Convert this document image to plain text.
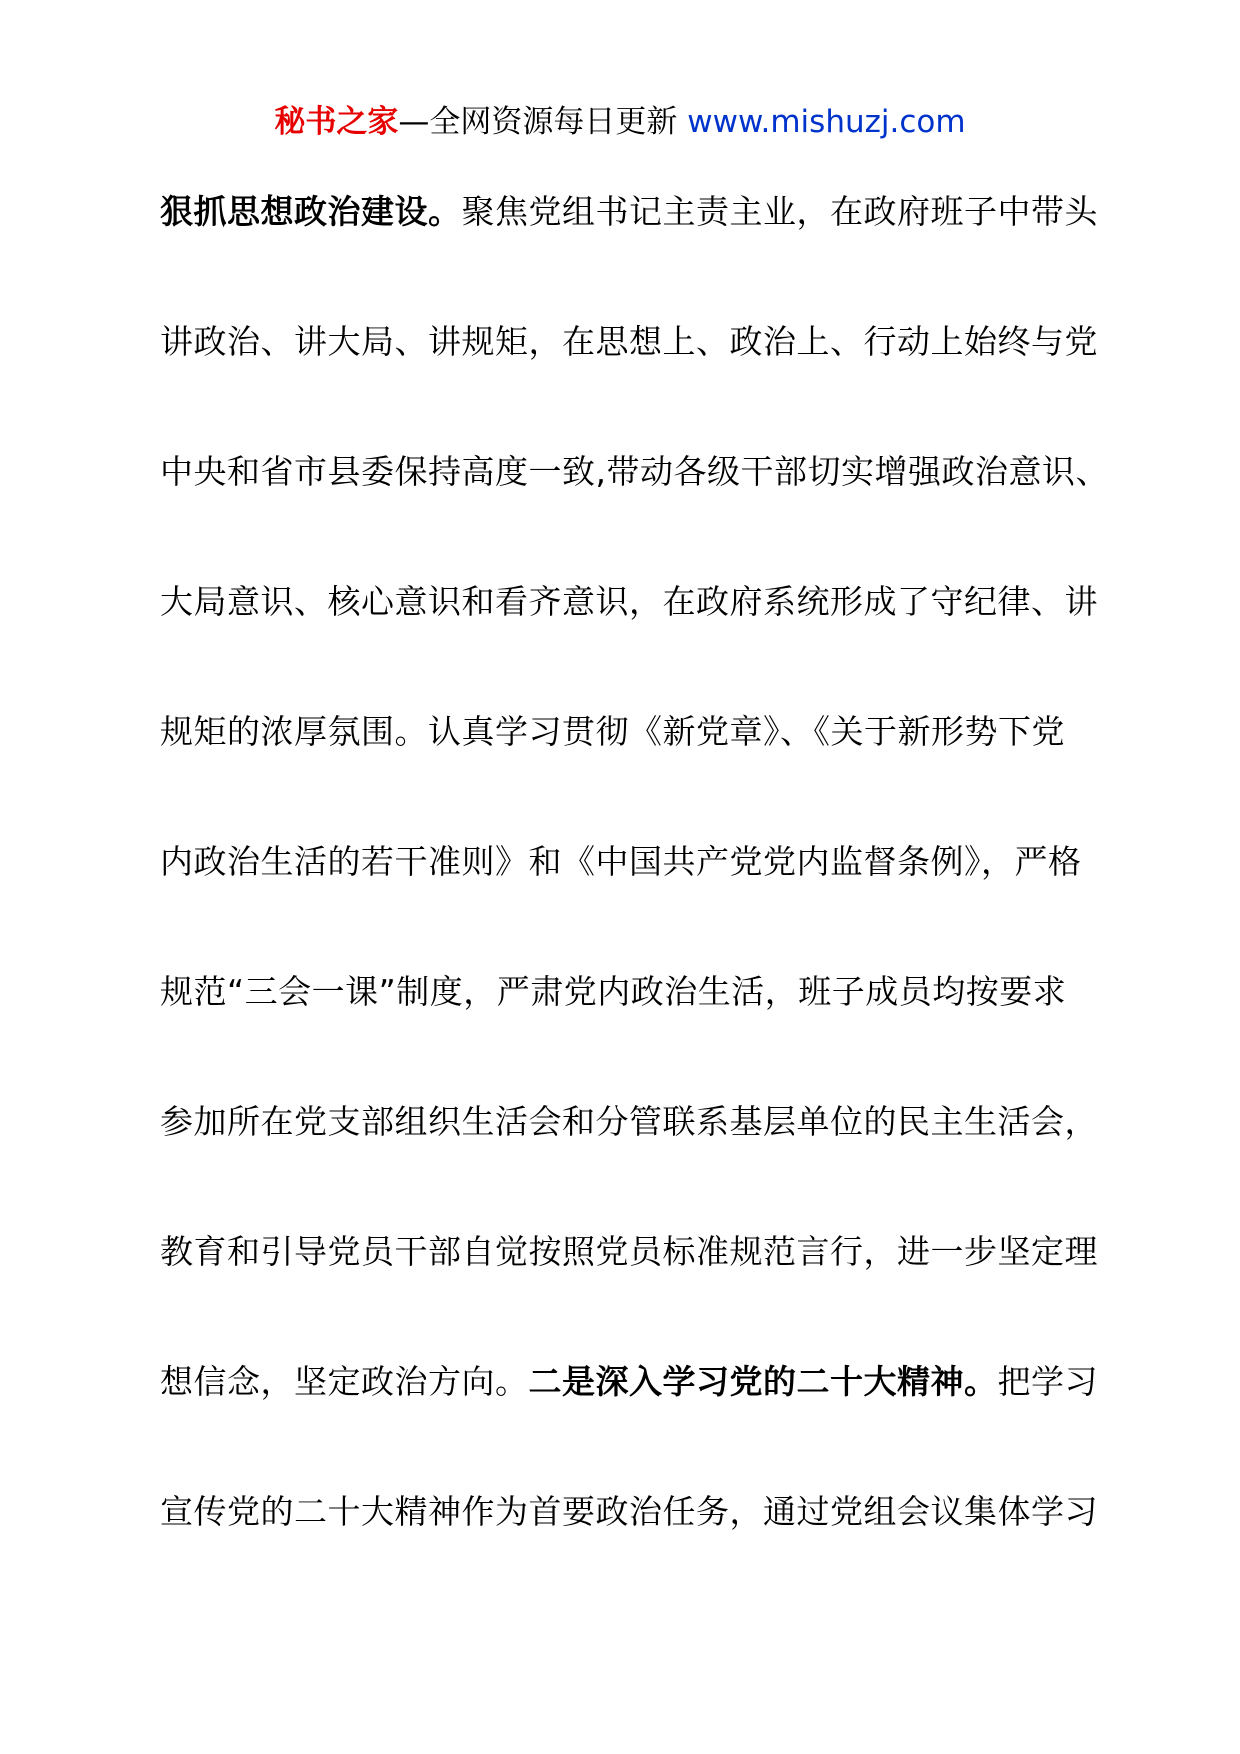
秘书之家—全网资源每日更新 www.mishuzj.com
狠抓思想政治建设。聚焦党组书记主责主业，在政府班子中带头
讲政治、讲大局、讲规矩，在思想上、政治上、行动上始终与党
中央和省市县委保持高度一致,带动各级干部切实增强政治意识、
大局意识、核心意识和看齐意识，在政府系统形成了守纪律、讲
规矩的浓厚氛围。认真学习贯彻《新党章》、《关于新形势下党
内政治生活的若干准则》和《中国共产党党内监督条例》，严格
规范“三会一课”制度，严肃党内政治生活，班子成员均按要求
参加所在党支部组织生活会和分管联系基层单位的民主生活会，
教育和引导党员干部自觉按照党员标准规范言行，进一步坚定理
想信念，坚定政治方向。二是深入学习党的二十大精神。把学习
宣传党的二十大精神作为首要政治任务，通过党组会议集体学习
